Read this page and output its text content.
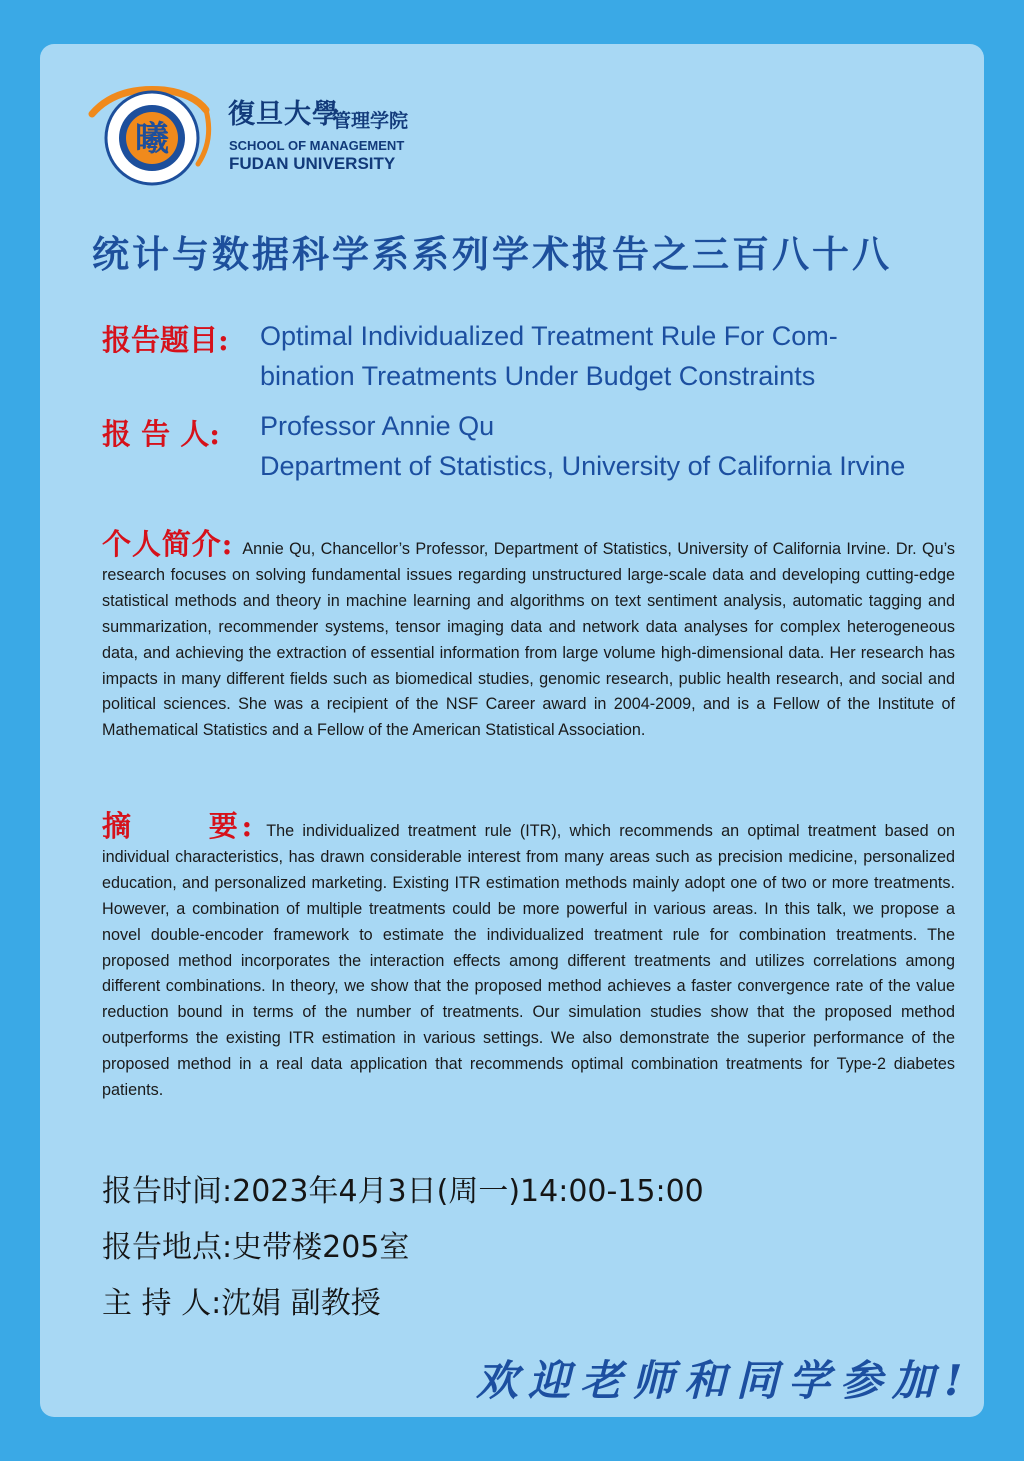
曦
復旦大學
管理学院
SCHOOL OF MANAGEMENT
FUDAN UNIVERSITY
统计与数据科学系系列学术报告之三百八十八
报告题目: Optimal Individualized Treatment Rule For Com-
bination Treatments Under Budget Constraints
报 告 人: Professor Annie Qu
Department of Statistics, University of California Irvine
个人简介: Annie Qu, Chancellor’s Professor, Department of Statistics, University of California Irvine. Dr. Qu’s research focuses on solving fundamental issues regarding unstructured large-scale data and developing cutting-edge statistical methods and theory in machine learning and algorithms on text sentiment analysis, automatic tagging and summarization, recommender systems, tensor imaging data and network data analyses for complex heterogeneous data, and achieving the extraction of essential information from large volume high-dimensional data. Her research has impacts in many different fields such as biomedical studies, genomic research, public health research, and social and political sciences. She was a recipient of the NSF Career award in 2004-2009, and is a Fellow of the Institute of Mathematical Statistics and a Fellow of the American Statistical Association.
摘 要: The individualized treatment rule (ITR), which recommends an optimal treatment based on individual characteristics, has drawn considerable interest from many areas such as precision medicine, personalized education, and personalized marketing. Existing ITR estimation methods mainly adopt one of two or more treatments. However, a combination of multiple treatments could be more powerful in various areas. In this talk, we propose a novel double-encoder framework to estimate the individualized treatment rule for combination treatments. The proposed method incorporates the interaction effects among different treatments and utilizes correlations among different combinations. In theory, we show that the proposed method achieves a faster convergence rate of the value reduction bound in terms of the number of treatments. Our simulation studies show that the proposed method outperforms the existing ITR estimation in various settings. We also demonstrate the superior performance of the proposed method in a real data application that recommends optimal combination treatments for Type-2 diabetes patients.
报告时间:2023年4月3日(周一)14:00-15:00
报告地点:史带楼205室
主 持 人:沈娟 副教授
欢迎老师和同学参加!
